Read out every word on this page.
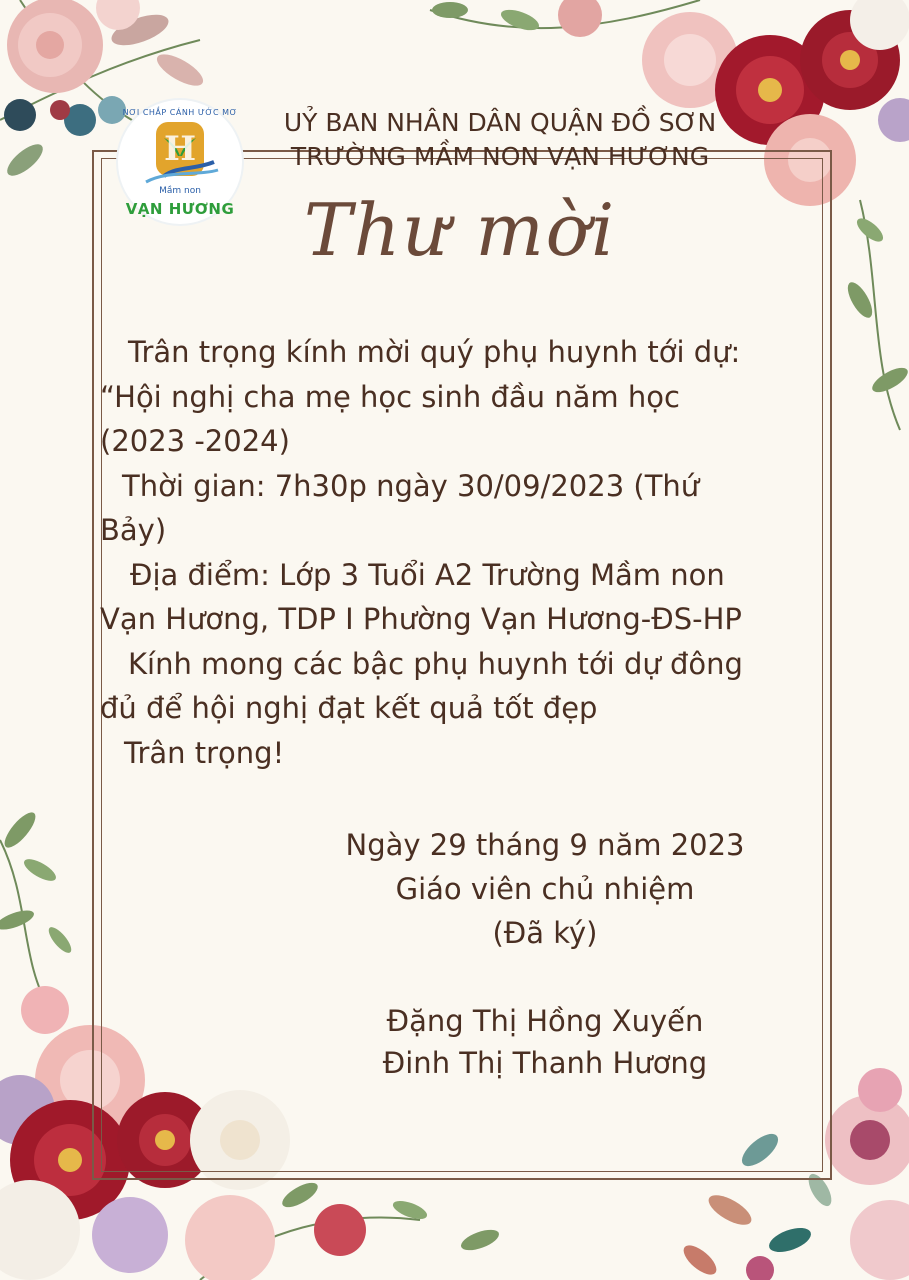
NƠI CHẮP CÁNH ƯỚC MƠ
H
Mầm non
VẠN HƯƠNG
UỶ BAN NHÂN DÂN QUẬN ĐỒ SƠN
TRƯỜNG MẦM NON VẠN HƯƠNG
Thư mời

Trân trọng kính mời quý phụ huynh tới dự:

“Hội nghị cha mẹ học sinh đầu năm học

(2023 -2024)

Thời gian: 7h30p ngày 30/09/2023 (Thứ

Bảy)

Địa điểm: Lớp 3 Tuổi A2 Trường Mầm non

Vạn Hương, TDP I Phường Vạn Hương-ĐS-HP

Kính mong các bậc phụ huynh tới dự đông

đủ để hội nghị đạt kết quả tốt đẹp

Trân trọng!

Ngày 29 tháng 9 năm 2023
Giáo viên chủ nhiệm
(Đã ký)
Đặng Thị Hồng Xuyến
Đinh Thị Thanh Hương
